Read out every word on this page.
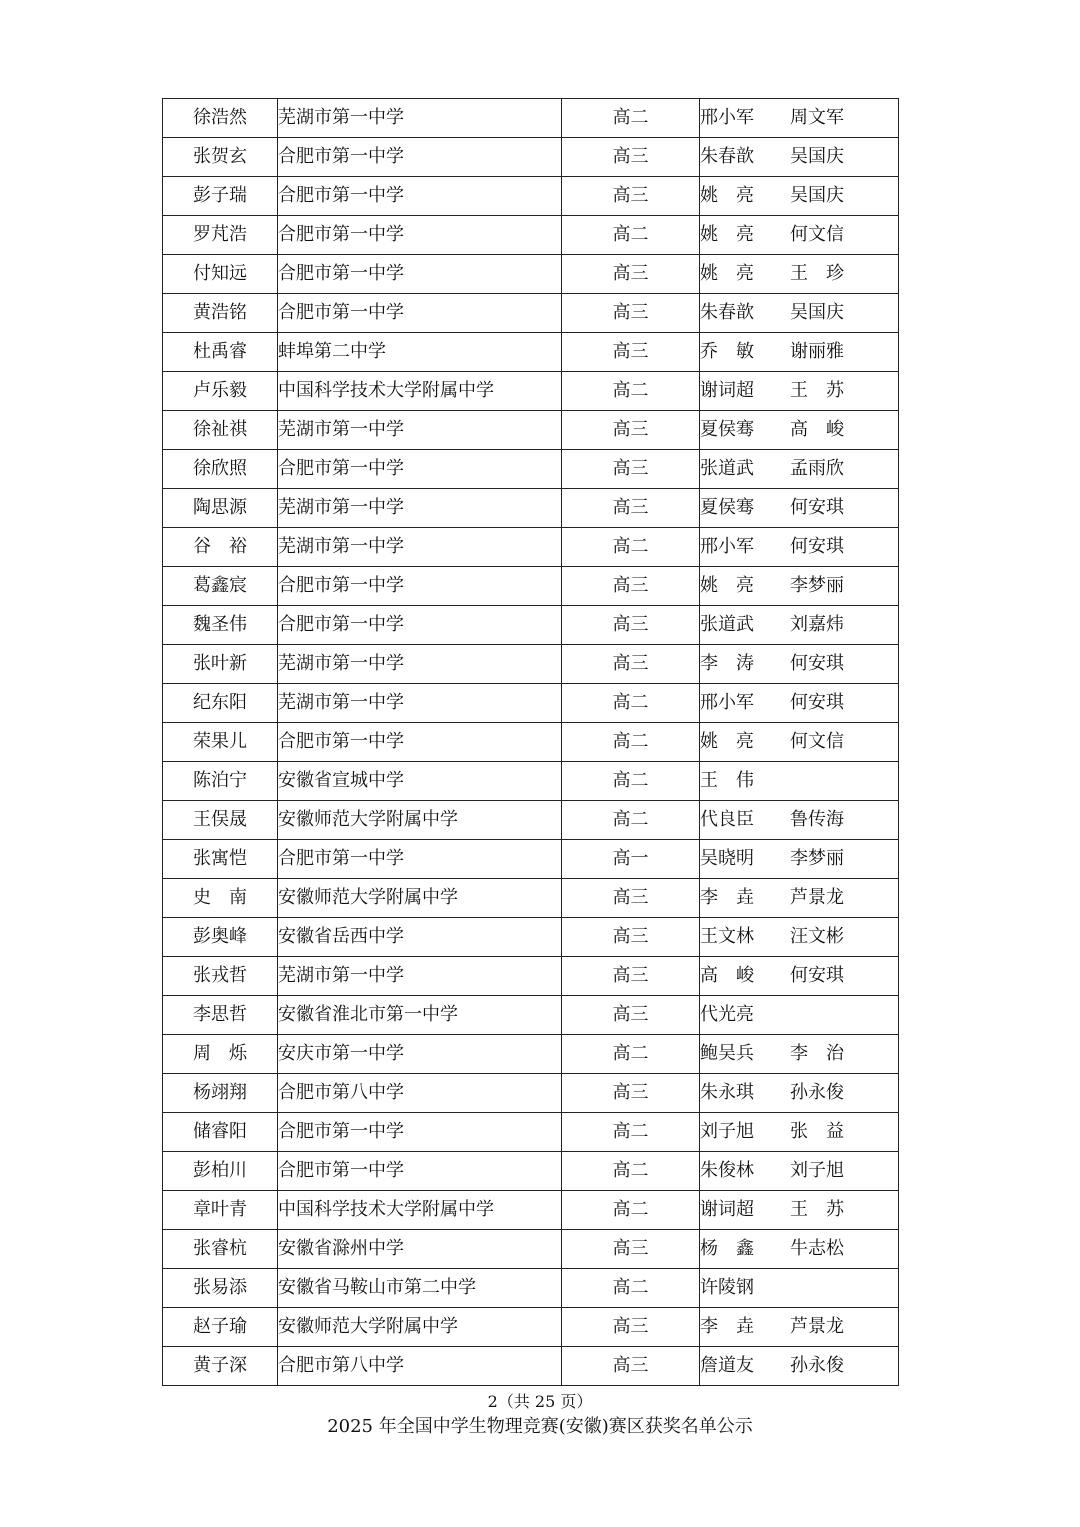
徐浩然	芜湖市第一中学	高二	邢小军 周文军
张贺玄	合肥市第一中学	高三	朱春歆 吴国庆
彭子瑞	合肥市第一中学	高三	姚　亮 吴国庆
罗芃浩	合肥市第一中学	高二	姚　亮 何文信
付知远	合肥市第一中学	高三	姚　亮 王　珍
黄浩铭	合肥市第一中学	高三	朱春歆 吴国庆
杜禹睿	蚌埠第二中学	高三	乔　敏 谢丽雅
卢乐毅	中国科学技术大学附属中学	高二	谢词超 王　苏
徐祉祺	芜湖市第一中学	高三	夏侯骞 高　峻
徐欣照	合肥市第一中学	高三	张道武 孟雨欣
陶思源	芜湖市第一中学	高三	夏侯骞 何安琪
谷　裕	芜湖市第一中学	高二	邢小军 何安琪
葛鑫宸	合肥市第一中学	高三	姚　亮 李梦丽
魏圣伟	合肥市第一中学	高三	张道武 刘嘉炜
张叶新	芜湖市第一中学	高三	李　涛 何安琪
纪东阳	芜湖市第一中学	高二	邢小军 何安琪
荣果儿	合肥市第一中学	高二	姚　亮 何文信
陈泊宁	安徽省宣城中学	高二	王　伟
王俣晟	安徽师范大学附属中学	高二	代良臣 鲁传海
张寓恺	合肥市第一中学	高一	吴晓明 李梦丽
史　南	安徽师范大学附属中学	高三	李　垚 芦景龙
彭奥峰	安徽省岳西中学	高三	王文林 汪文彬
张戎哲	芜湖市第一中学	高三	高　峻 何安琪
李思哲	安徽省淮北市第一中学	高三	代光亮
周　烁	安庆市第一中学	高二	鲍吴兵 李　治
杨翊翔	合肥市第八中学	高三	朱永琪 孙永俊
储睿阳	合肥市第一中学	高二	刘子旭 张　益
彭柏川	合肥市第一中学	高二	朱俊林 刘子旭
章叶青	中国科学技术大学附属中学	高二	谢词超 王　苏
张睿杭	安徽省滁州中学	高三	杨　鑫 牛志松
张易添	安徽省马鞍山市第二中学	高二	许陵钢
赵子瑜	安徽师范大学附属中学	高三	李　垚 芦景龙
黄子深	合肥市第八中学	高三	詹道友 孙永俊
2（共 25 页）
2025 年全国中学生物理竞赛(安徽)赛区获奖名单公示
